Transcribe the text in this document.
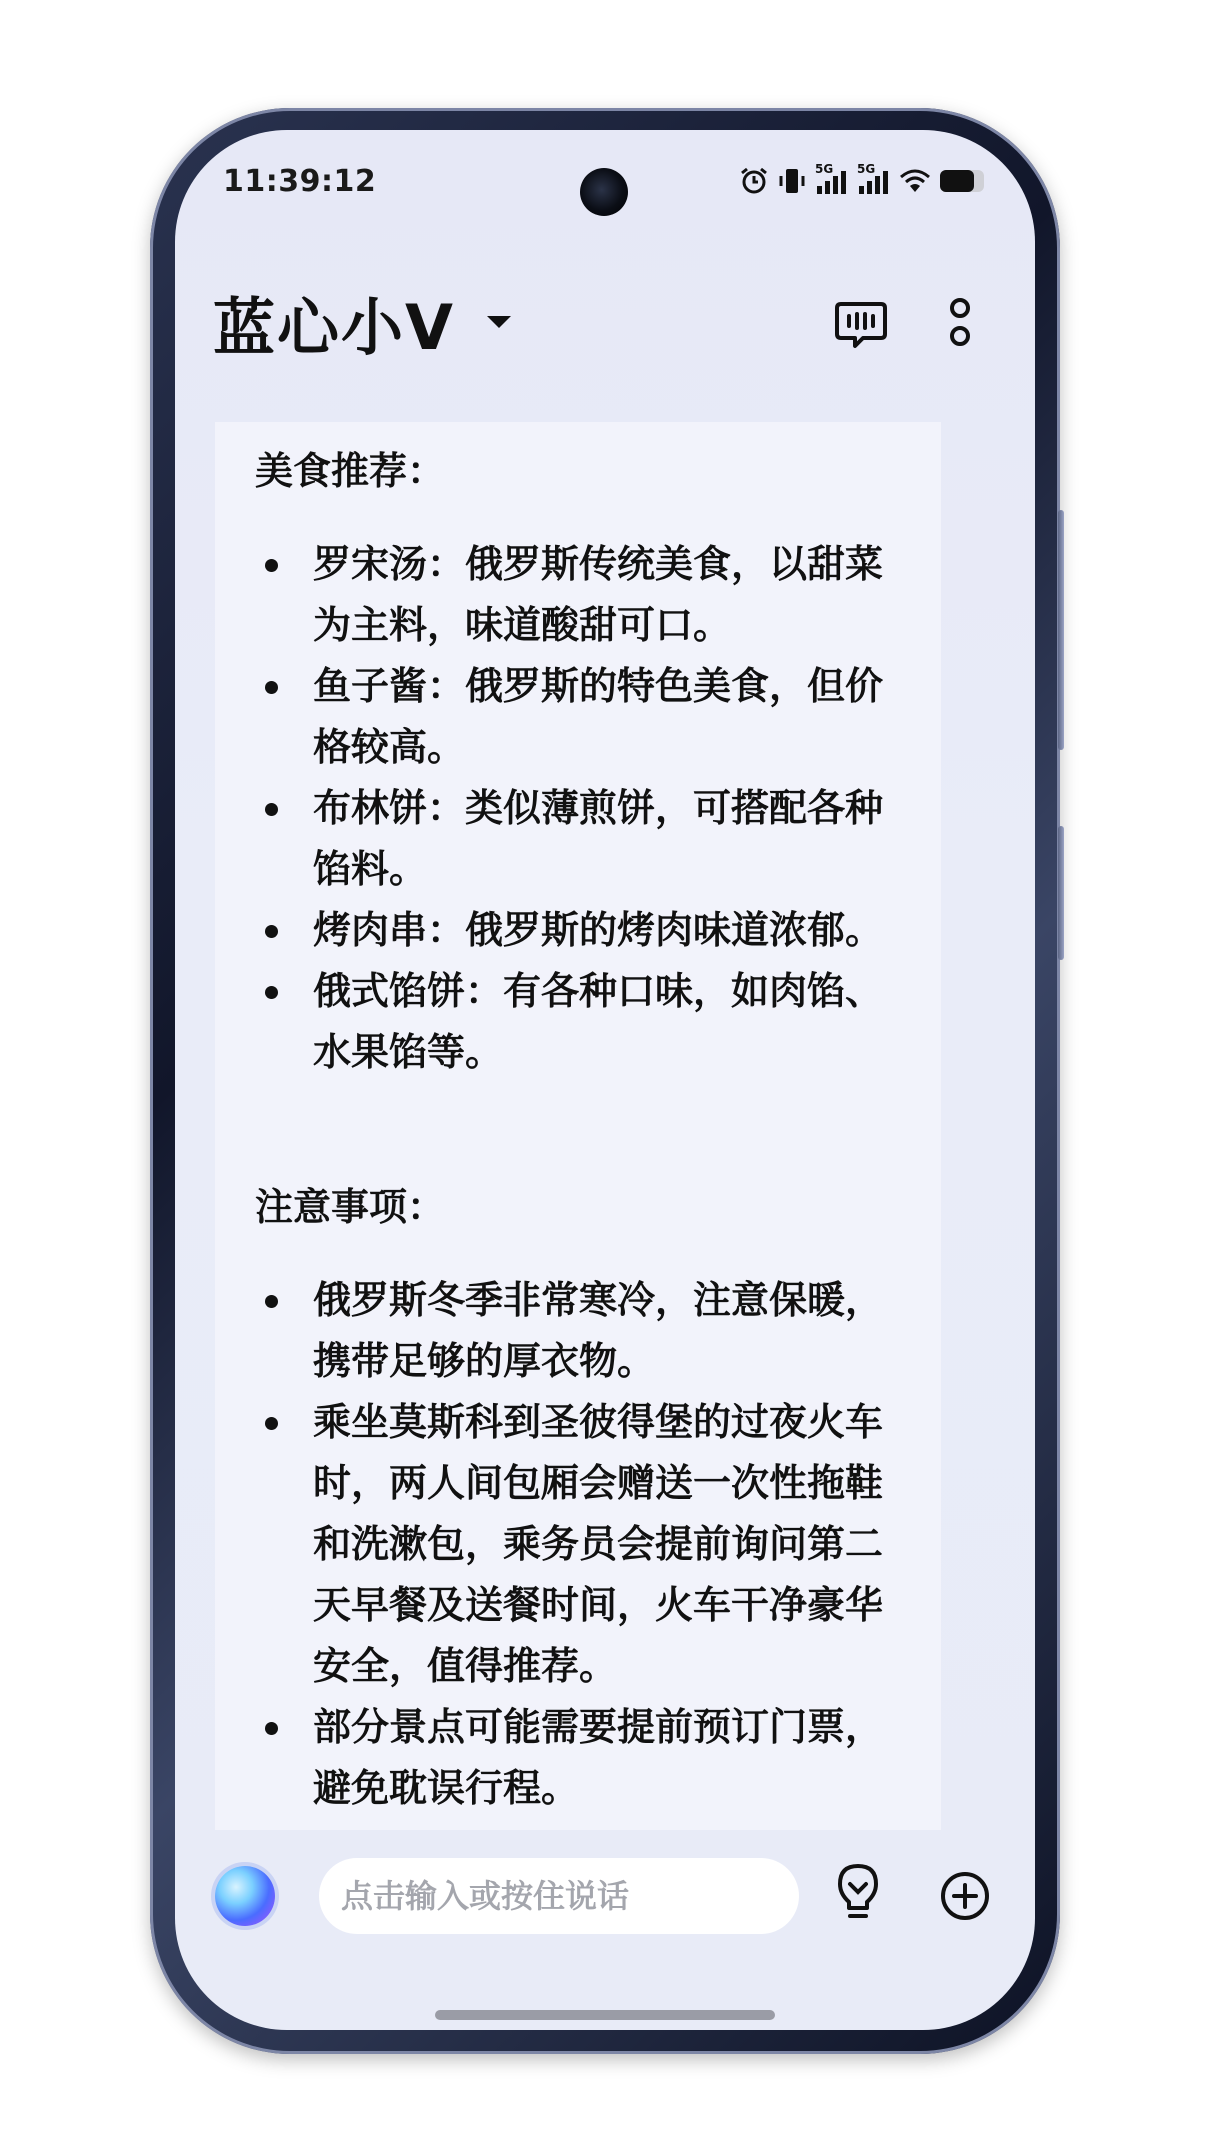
11:39:12	5G 5G
蓝心小V
美食推荐：
罗宋汤：俄罗斯传统美食，以甜菜为主料，味道酸甜可口。
鱼子酱：俄罗斯的特色美食，但价格较高。
布林饼：类似薄煎饼，可搭配各种馅料。
烤肉串：俄罗斯的烤肉味道浓郁。
俄式馅饼：有各种口味，如肉馅、水果馅等。
注意事项：
俄罗斯冬季非常寒冷，注意保暖，携带足够的厚衣物。
乘坐莫斯科到圣彼得堡的过夜火车时，两人间包厢会赠送一次性拖鞋和洗漱包，乘务员会提前询问第二天早餐及送餐时间，火车干净豪华安全，值得推荐。
部分景点可能需要提前预订门票，避免耽误行程。
点击输入或按住说话
